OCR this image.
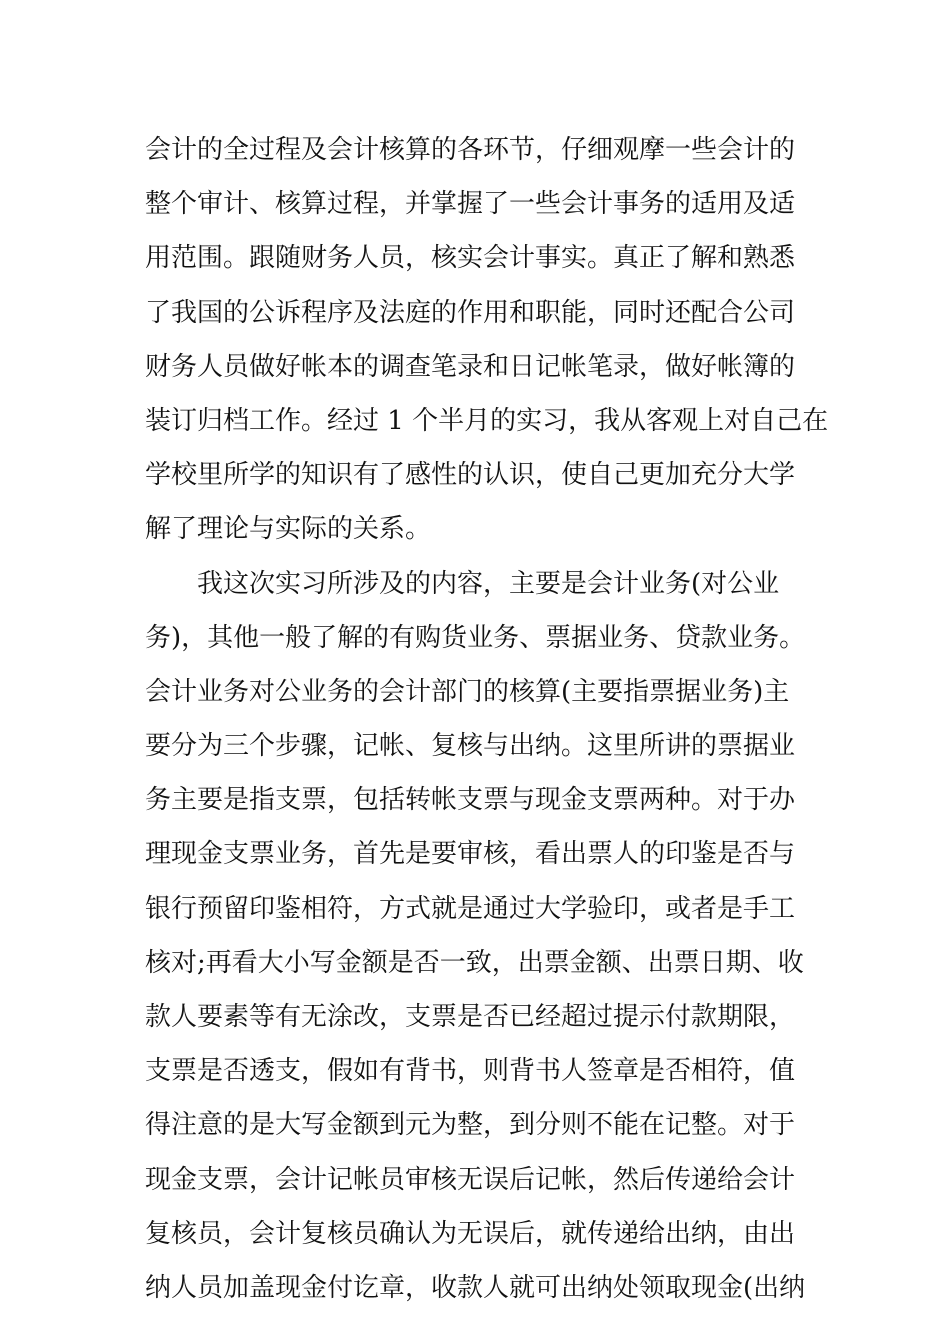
会计的全过程及会计核算的各环节，仔细观摩一些会计的
整个审计、核算过程，并掌握了一些会计事务的适用及适
用范围。跟随财务人员，核实会计事实。真正了解和熟悉
了我国的公诉程序及法庭的作用和职能，同时还配合公司
财务人员做好帐本的调查笔录和日记帐笔录，做好帐簿的
装订归档工作。经过 1 个半月的实习，我从客观上对自己在
学校里所学的知识有了感性的认识，使自己更加充分大学
解了理论与实际的关系。
　　我这次实习所涉及的内容，主要是会计业务(对公业
务)，其他一般了解的有购货业务、票据业务、贷款业务。
会计业务对公业务的会计部门的核算(主要指票据业务)主
要分为三个步骤，记帐、复核与出纳。这里所讲的票据业
务主要是指支票，包括转帐支票与现金支票两种。对于办
理现金支票业务，首先是要审核，看出票人的印鉴是否与
银行预留印鉴相符，方式就是通过大学验印，或者是手工
核对;再看大小写金额是否一致，出票金额、出票日期、收
款人要素等有无涂改，支票是否已经超过提示付款期限，
支票是否透支，假如有背书，则背书人签章是否相符，值
得注意的是大写金额到元为整，到分则不能在记整。对于
现金支票，会计记帐员审核无误后记帐，然后传递给会计
复核员，会计复核员确认为无误后，就传递给出纳，由出
纳人员加盖现金付讫章，收款人就可出纳处领取现金(出纳
